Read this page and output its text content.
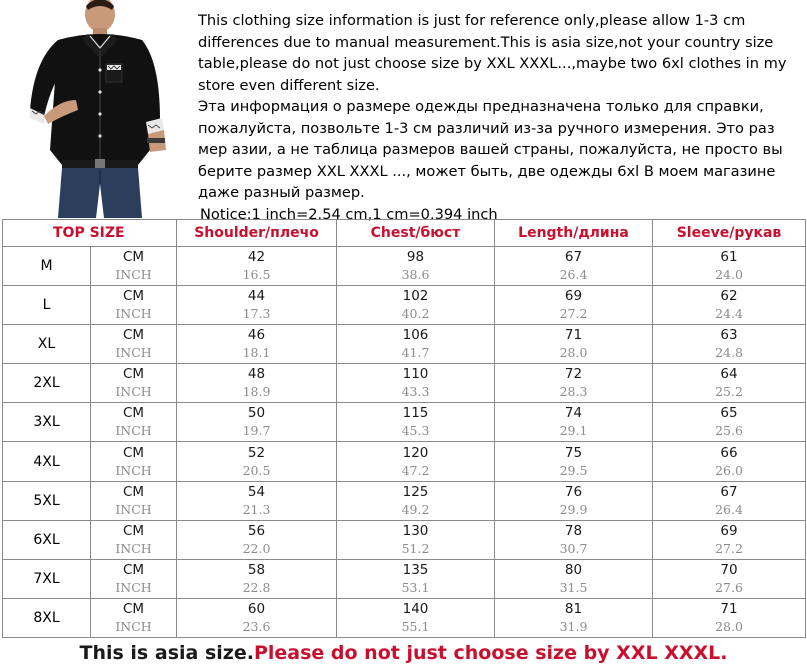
This clothing size information is just for reference only,please allow 1-3 cm differences due to manual measurement.This is asia size,not your country size table,please do not just choose size by XXL XXXL...,maybe two 6xl clothes in my store even different size.

Эта информация о размере одежды предназначена только для справки, пожалуйста, позвольте 1-3 см различий из-за ручного измерения. Это раз мер азии, а не таблица размеров вашей страны, пожалуйста, не просто вы берите размер XXL XXXL ..., может быть, две одежды 6xl В моем магазине даже разный размер.

Notice:1 inch=2.54 cm,1 cm=0.394 inch

TOP SIZE		Shoulder/плечо	Chest/бюст	Length/длина	Sleeve/рукав
M	CM	42	98	67	61
	INCH	16.5	38.6	26.4	24.0
L	CM	44	102	69	62
	INCH	17.3	40.2	27.2	24.4
XL	CM	46	106	71	63
	INCH	18.1	41.7	28.0	24.8
2XL	CM	48	110	72	64
	INCH	18.9	43.3	28.3	25.2
3XL	CM	50	115	74	65
	INCH	19.7	45.3	29.1	25.6
4XL	CM	52	120	75	66
	INCH	20.5	47.2	29.5	26.0
5XL	CM	54	125	76	67
	INCH	21.3	49.2	29.9	26.4
6XL	CM	56	130	78	69
	INCH	22.0	51.2	30.7	27.2
7XL	CM	58	135	80	70
	INCH	22.8	53.1	31.5	27.6
8XL	CM	60	140	81	71
	INCH	23.6	55.1	31.9	28.0
This is asia size.Please do not just choose size by XXL XXXL.
